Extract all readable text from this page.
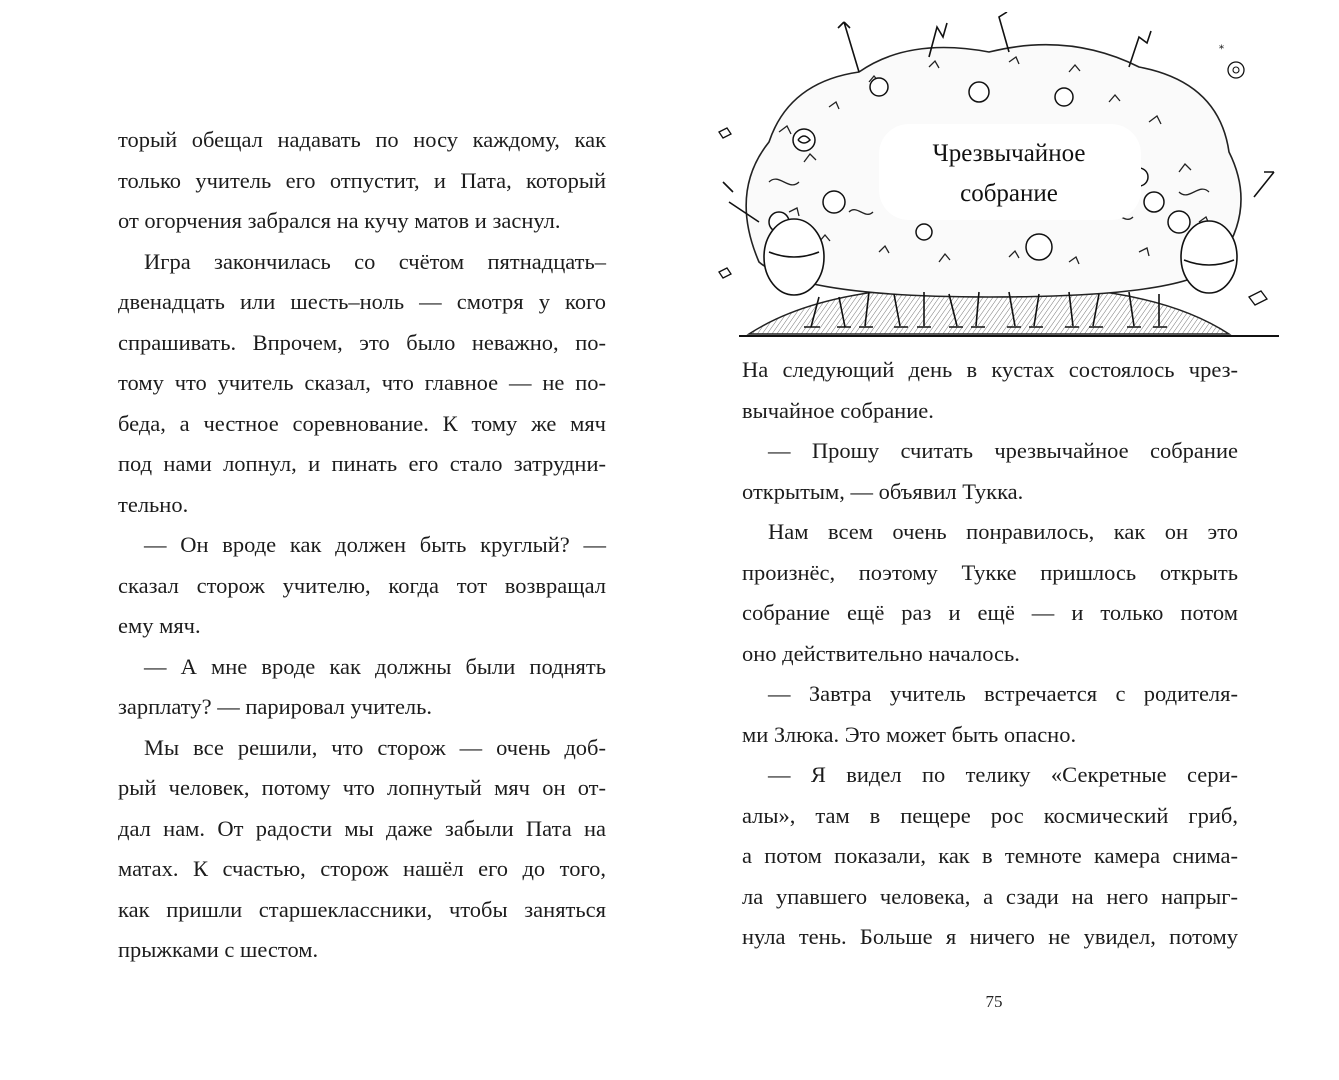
торый обещал надавать по носу каждому, как
только учитель его отпустит, и Пата, который
от огорчения забрался на кучу матов и заснул.
Игра закончилась со счётом пятнадцать–
двенадцать или шесть–ноль — смотря у кого
спрашивать. Впрочем, это было неважно, по-
тому что учитель сказал, что главное — не по-
беда, а честное соревнование. К тому же мяч
под нами лопнул, и пинать его стало затрудни-
тельно.
— Он вроде как должен быть круглый? —
сказал сторож учителю, когда тот возвращал
ему мяч.
— А мне вроде как должны были поднять
зарплату? — парировал учитель.
Мы все решили, что сторож — очень доб-
рый человек, потому что лопнутый мяч он от-
дал нам. От радости мы даже забыли Пата на
матах. К счастью, сторож нашёл его до того,
как пришли старшеклассники, чтобы заняться
прыжками с шестом.
*
Чрезвычайное
собрание
На следующий день в кустах состоялось чрез-
вычайное собрание.
— Прошу считать чрезвычайное собрание
открытым, — объявил Тукка.
Нам всем очень понравилось, как он это
произнёс, поэтому Тукке пришлось открыть
собрание ещё раз и ещё — и только потом
оно действительно началось.
— Завтра учитель встречается с родителя-
ми Злюка. Это может быть опасно.
— Я видел по телику «Секретные сери-
алы», там в пещере рос космический гриб,
а потом показали, как в темноте камера снима-
ла упавшего человека, а сзади на него напрыг-
нула тень. Больше я ничего не увидел, потому
75
